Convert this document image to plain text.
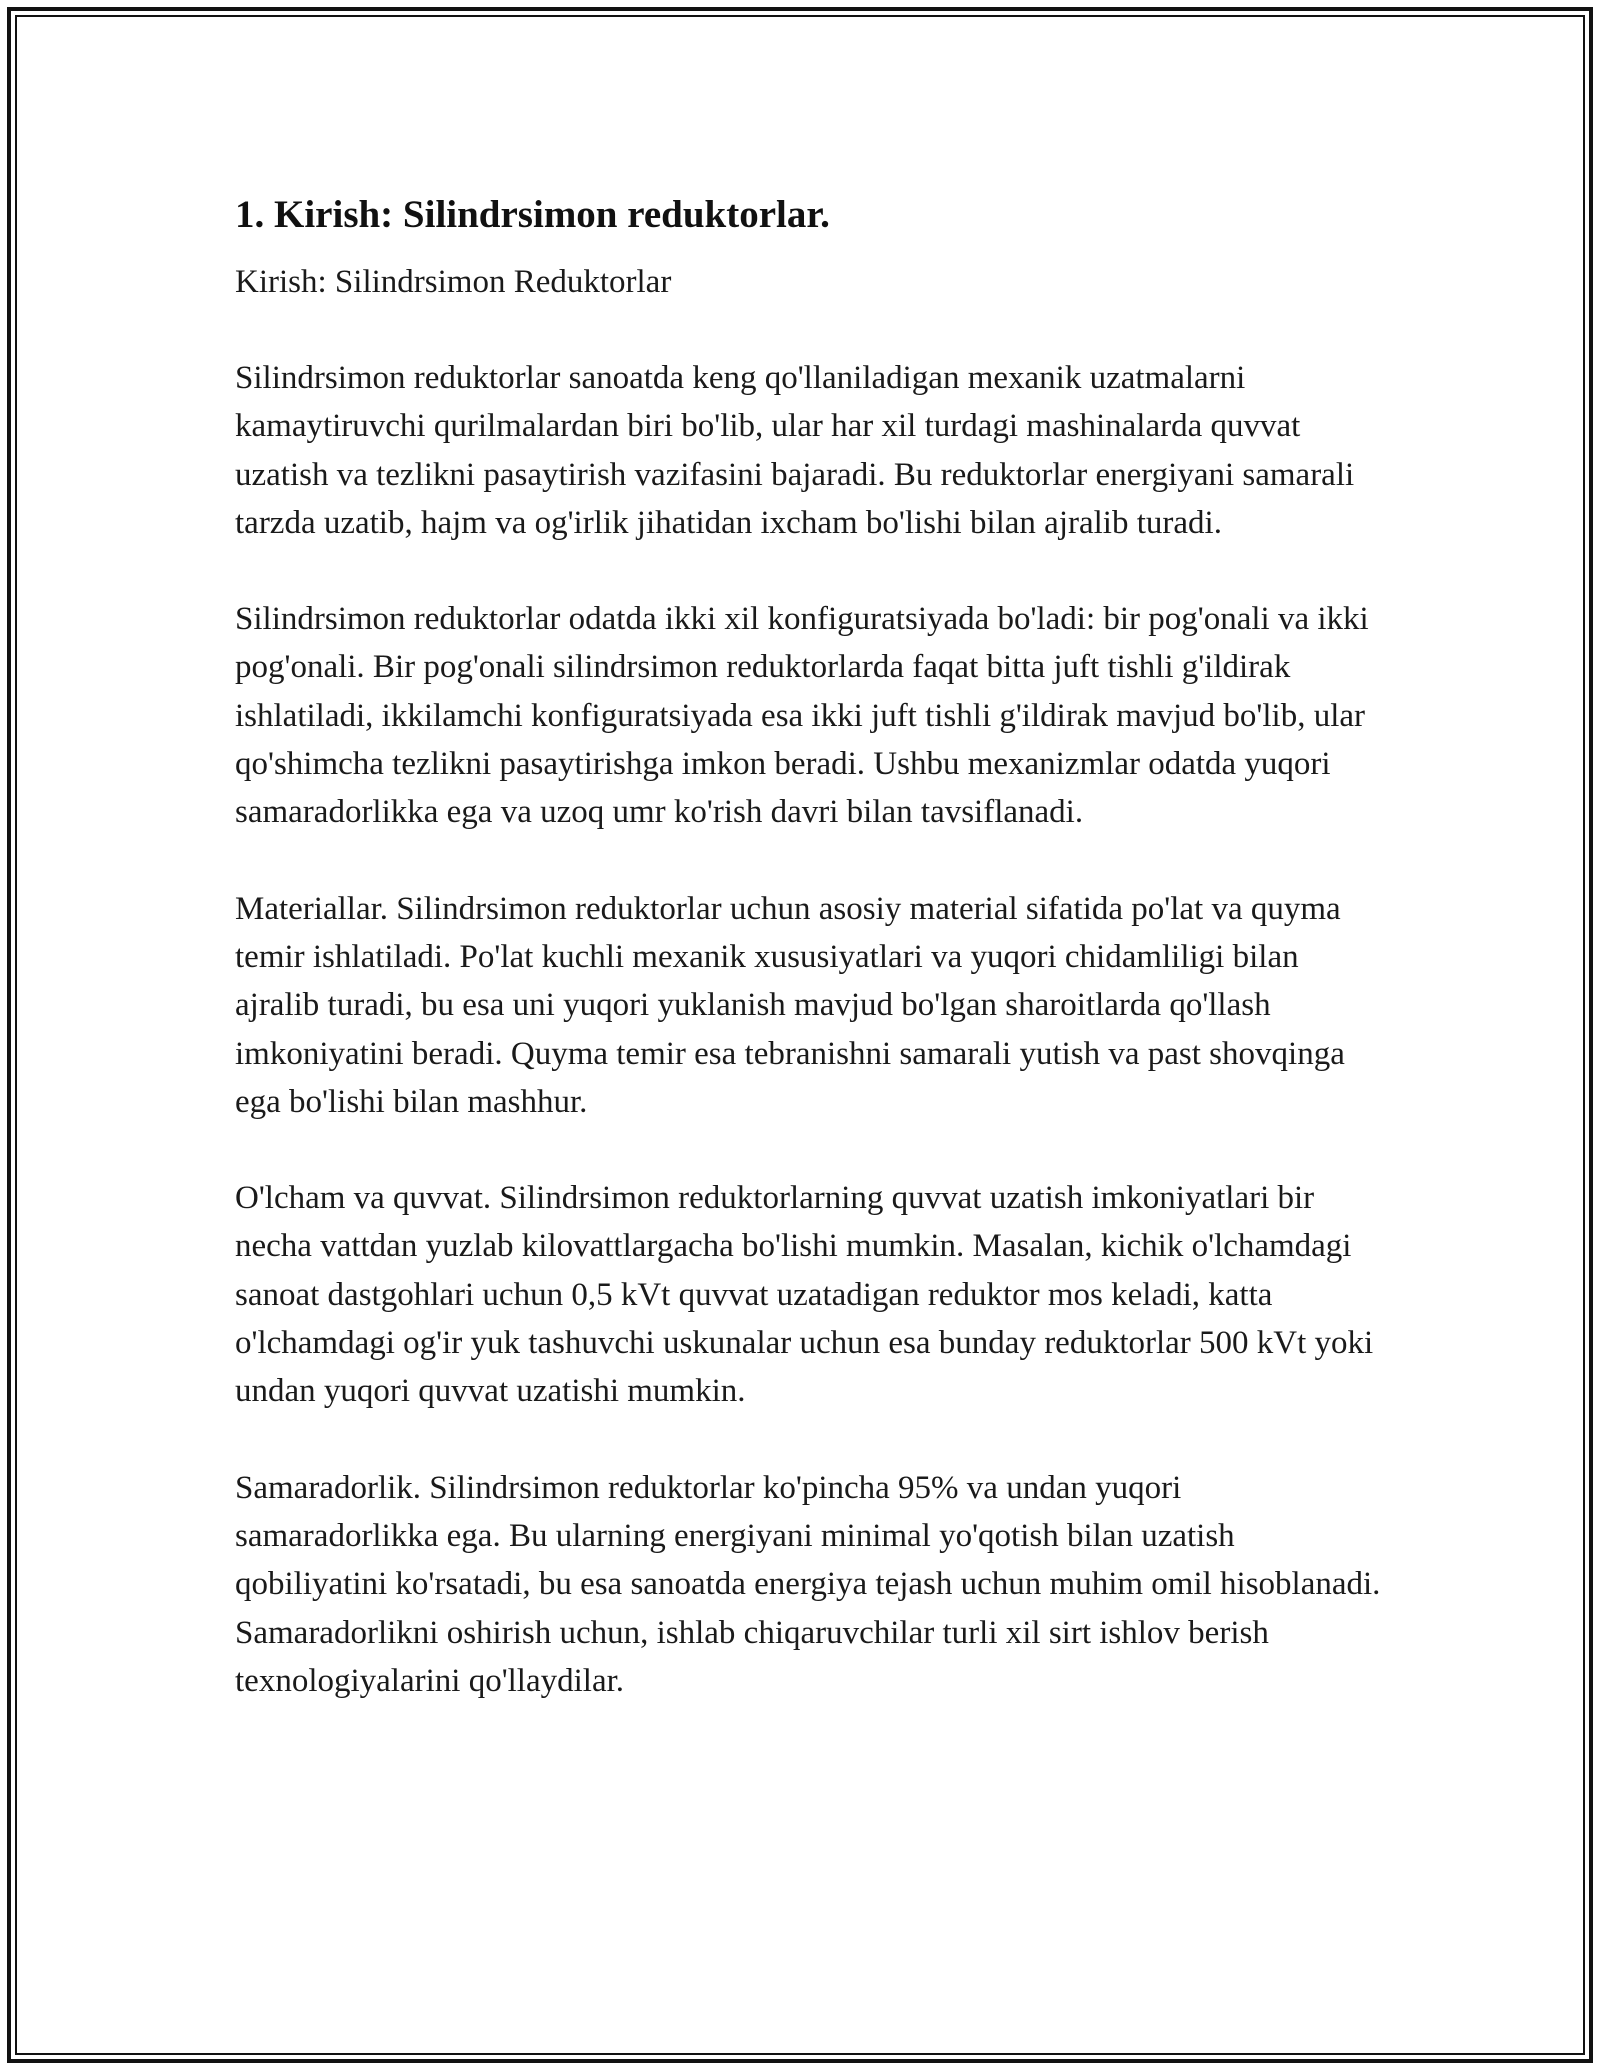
1. Kirish: Silindrsimon reduktorlar.

Kirish: Silindrsimon Reduktorlar

Silindrsimon reduktorlar sanoatda keng qo'llaniladigan mexanik uzatmalarni kamaytiruvchi qurilmalardan biri bo'lib, ular har xil turdagi mashinalarda quvvat uzatish va tezlikni pasaytirish vazifasini bajaradi. Bu reduktorlar energiyani samarali tarzda uzatib, hajm va og'irlik jihatidan ixcham bo'lishi bilan ajralib turadi.

Silindrsimon reduktorlar odatda ikki xil konfiguratsiyada bo'ladi: bir pog'onali va ikki pog'onali. Bir pog'onali silindrsimon reduktorlarda faqat bitta juft tishli g'ildirak ishlatiladi, ikkilamchi konfiguratsiyada esa ikki juft tishli g'ildirak mavjud bo'lib, ular qo'shimcha tezlikni pasaytirishga imkon beradi. Ushbu mexanizmlar odatda yuqori samaradorlikka ega va uzoq umr ko'rish davri bilan tavsiflanadi.

Materiallar. Silindrsimon reduktorlar uchun asosiy material sifatida po'lat va quyma temir ishlatiladi. Po'lat kuchli mexanik xususiyatlari va yuqori chidamliligi bilan ajralib turadi, bu esa uni yuqori yuklanish mavjud bo'lgan sharoitlarda qo'llash imkoniyatini beradi. Quyma temir esa tebranishni samarali yutish va past shovqinga ega bo'lishi bilan mashhur.

O'lcham va quvvat. Silindrsimon reduktorlarning quvvat uzatish imkoniyatlari bir necha vattdan yuzlab kilovattlargacha bo'lishi mumkin. Masalan, kichik o'lchamdagi sanoat dastgohlari uchun 0,5 kVt quvvat uzatadigan reduktor mos keladi, katta o'lchamdagi og'ir yuk tashuvchi uskunalar uchun esa bunday reduktorlar 500 kVt yoki undan yuqori quvvat uzatishi mumkin.

Samaradorlik. Silindrsimon reduktorlar ko'pincha 95% va undan yuqori samaradorlikka ega. Bu ularning energiyani minimal yo'qotish bilan uzatish qobiliyatini ko'rsatadi, bu esa sanoatda energiya tejash uchun muhim omil hisoblanadi. Samaradorlikni oshirish uchun, ishlab chiqaruvchilar turli xil sirt ishlov berish texnologiyalarini qo'llaydilar.
